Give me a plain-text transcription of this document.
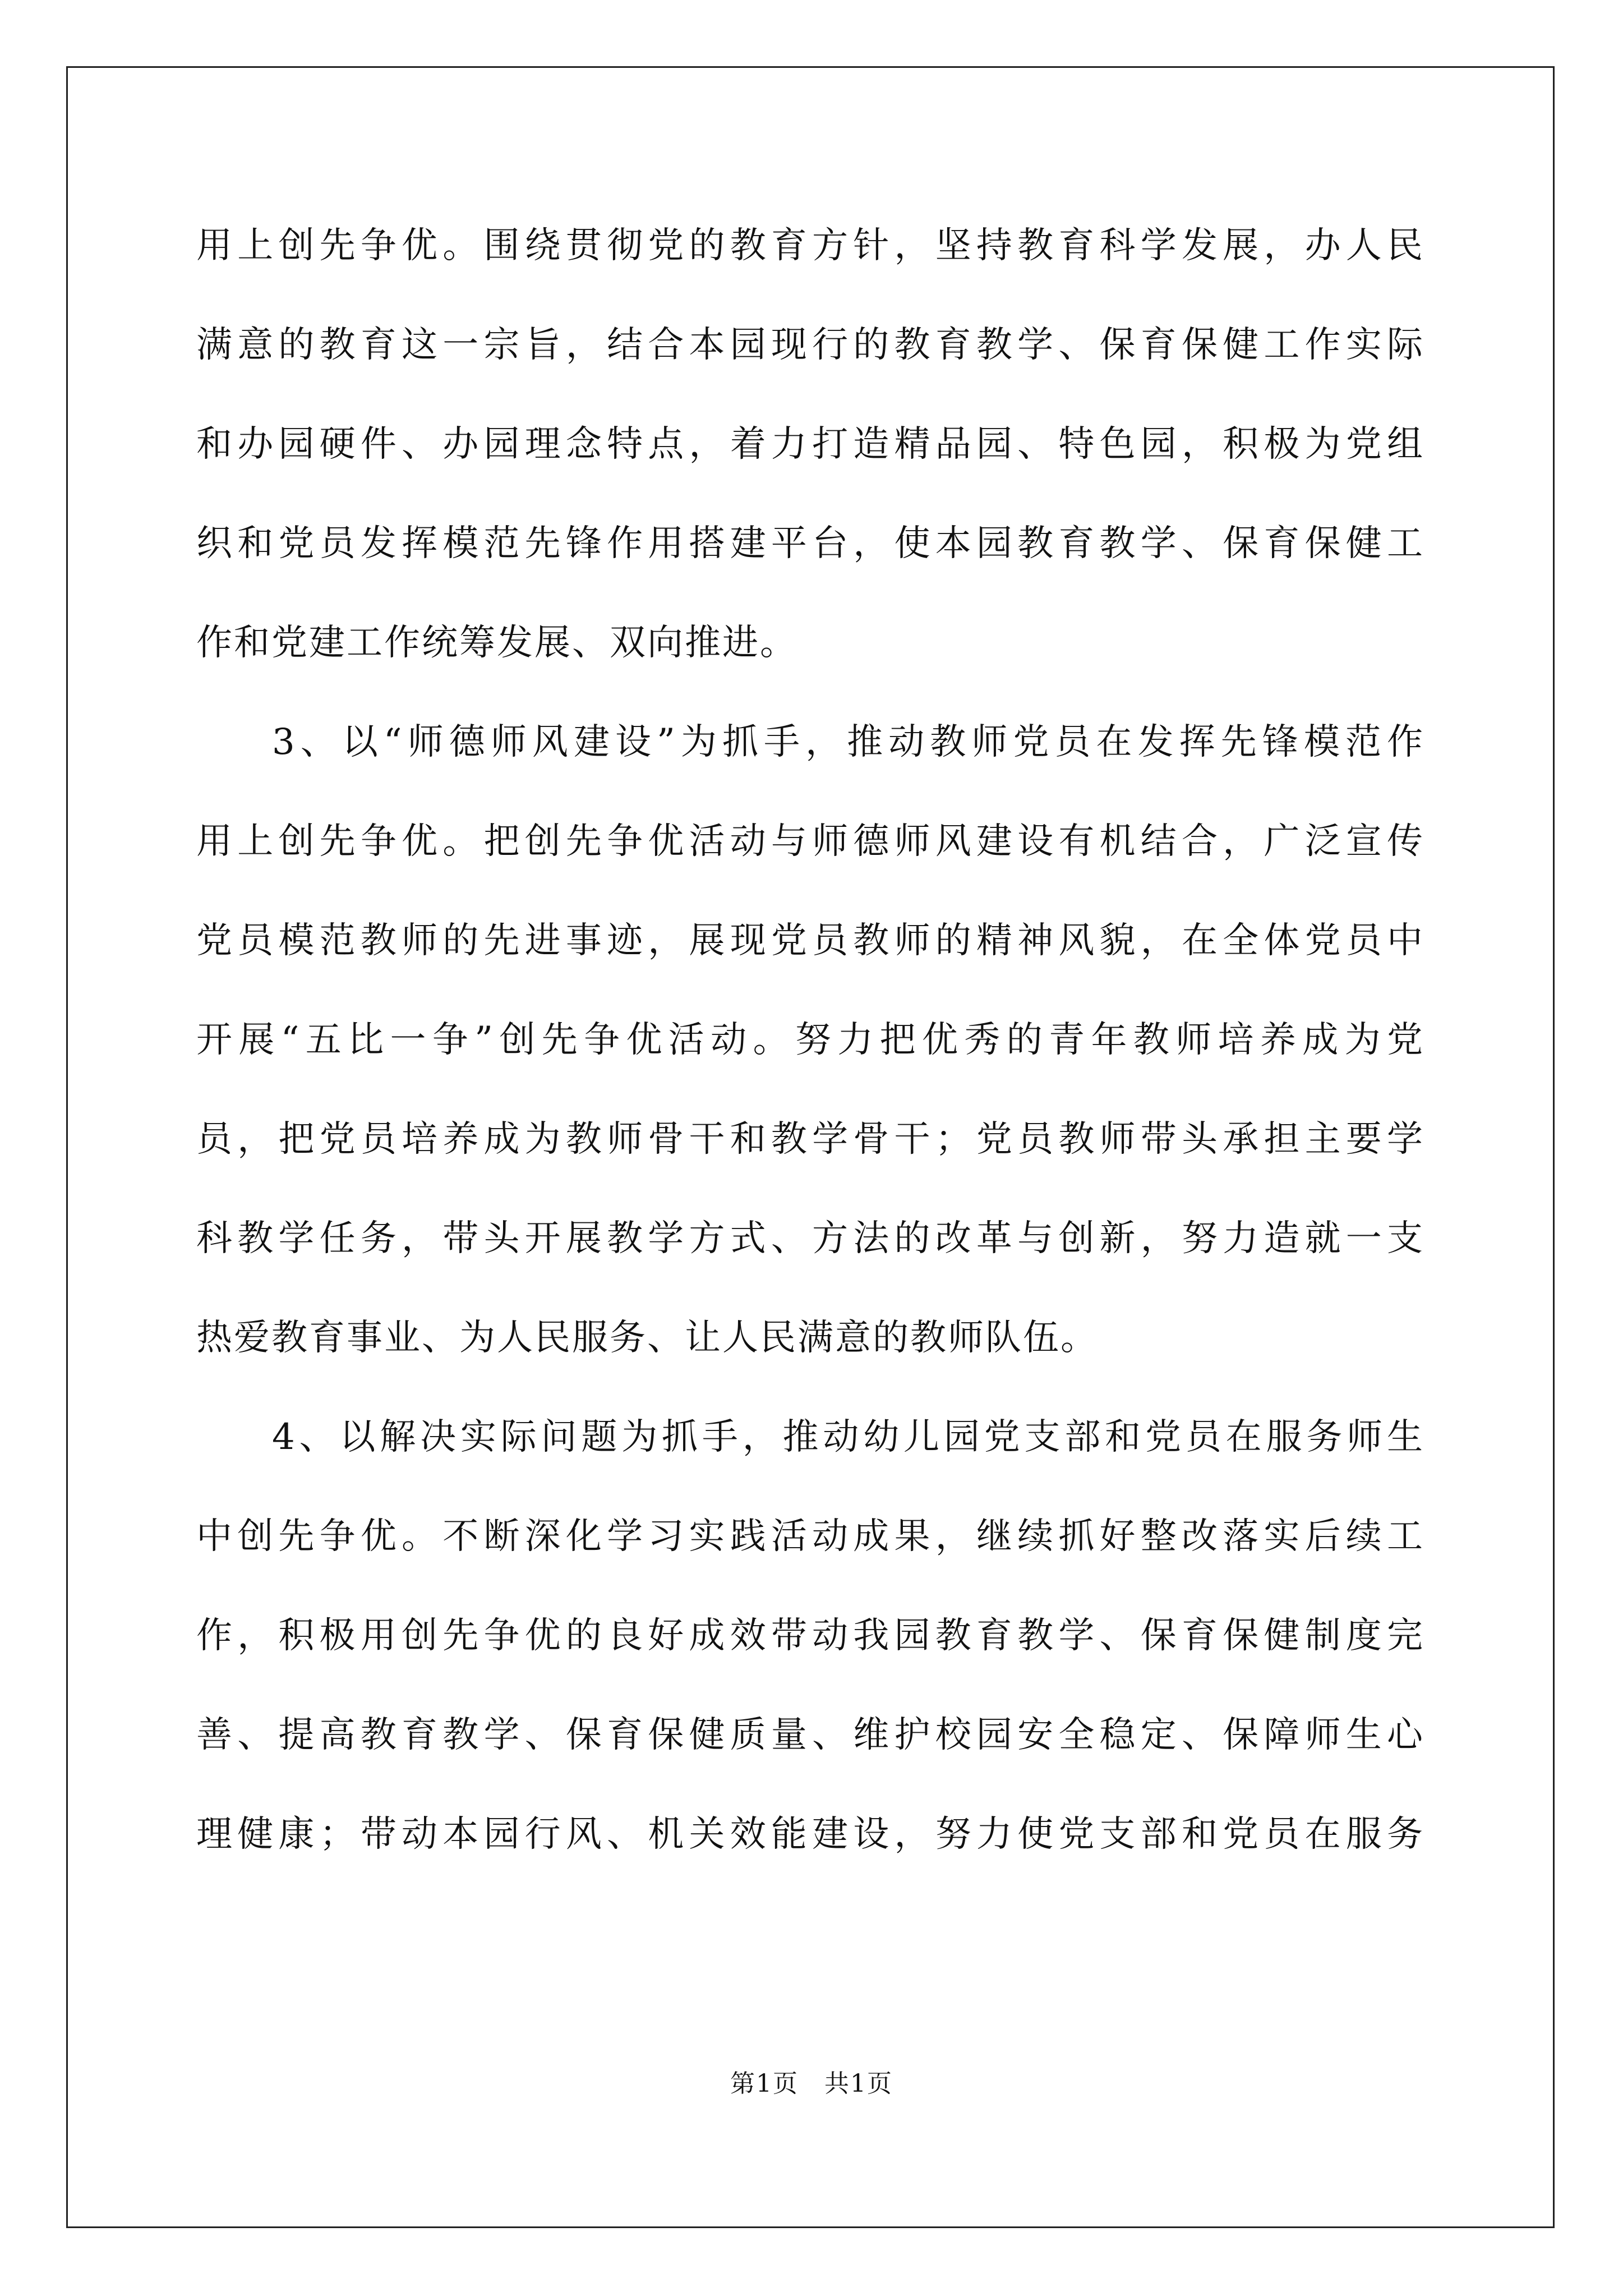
用上创先争优。围绕贯彻党的教育方针，坚持教育科学发展，办人民
满意的教育这一宗旨，结合本园现行的教育教学、保育保健工作实际
和办园硬件、办园理念特点，着力打造精品园、特色园，积极为党组
织和党员发挥模范先锋作用搭建平台，使本园教育教学、保育保健工
作和党建工作统筹发展、双向推进。
3、以“师德师风建设”为抓手，推动教师党员在发挥先锋模范作
用上创先争优。把创先争优活动与师德师风建设有机结合，广泛宣传
党员模范教师的先进事迹，展现党员教师的精神风貌，在全体党员中
开展“五比一争”创先争优活动。努力把优秀的青年教师培养成为党
员，把党员培养成为教师骨干和教学骨干；党员教师带头承担主要学
科教学任务，带头开展教学方式、方法的改革与创新，努力造就一支
热爱教育事业、为人民服务、让人民满意的教师队伍。
4、以解决实际问题为抓手，推动幼儿园党支部和党员在服务师生
中创先争优。不断深化学习实践活动成果，继续抓好整改落实后续工
作，积极用创先争优的良好成效带动我园教育教学、保育保健制度完
善、提高教育教学、保育保健质量、维护校园安全稳定、保障师生心
理健康；带动本园行风、机关效能建设，努力使党支部和党员在服务
第1页　共1页
